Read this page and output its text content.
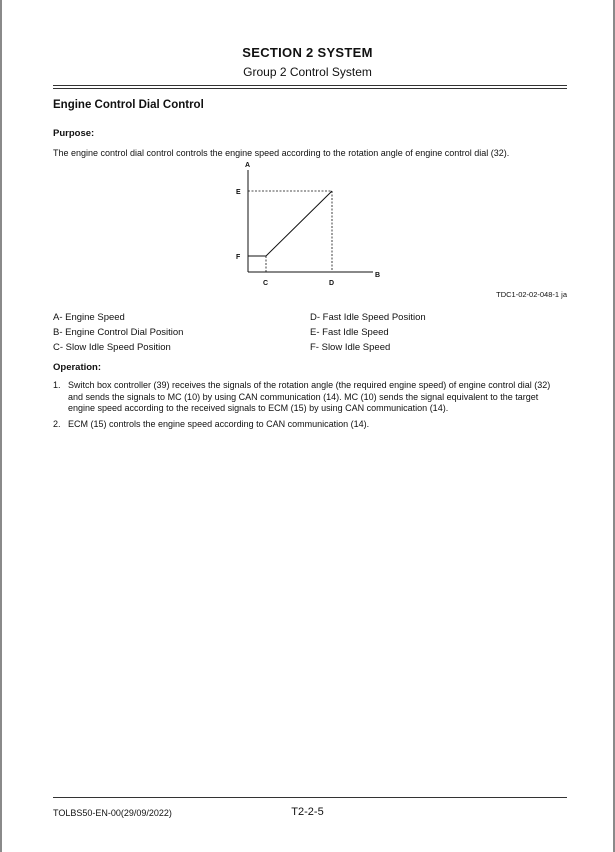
SECTION 2 SYSTEM
Group 2 Control System
Engine Control Dial Control
Purpose:
The engine control dial control controls the engine speed according to the rotation angle of engine control dial (32).
A
B
C	D
E
F
TDC1-02-02-048-1 ja
A- Engine Speed
B- Engine Control Dial Position
C- Slow Idle Speed Position
D- Fast Idle Speed Position
E- Fast Idle Speed
F- Slow Idle Speed
Operation:
1. Switch box controller (39) receives the signals of the rotation angle (the required engine speed) of engine control dial (32) and sends the signals to MC (10) by using CAN communication (14). MC (10) sends the signal equivalent to the target engine speed according to the received signals to ECM (15) by using CAN communication (14).
2. ECM (15) controls the engine speed according to CAN communication (14).
TOLBS50-EN-00(29/09/2022)	T2-2-5
